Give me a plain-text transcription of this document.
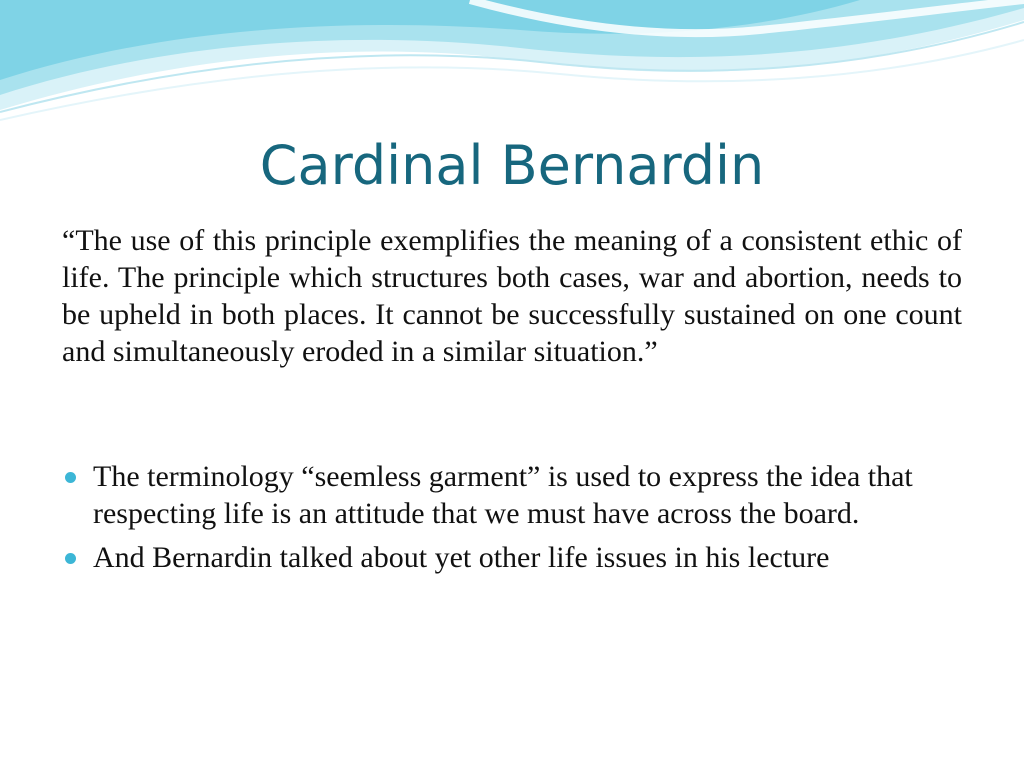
Cardinal Bernardin

“The use of this principle exemplifies the meaning of a consistent ethic of life. The principle which structures both cases, war and abortion, needs to be upheld in both places. It cannot be successfully sustained on one count and simultaneously eroded in a similar situation.”

The terminology “seemless garment” is used to express the idea that respecting life is an attitude that we must have across the board.
And Bernardin talked about yet other life issues in his lecture
